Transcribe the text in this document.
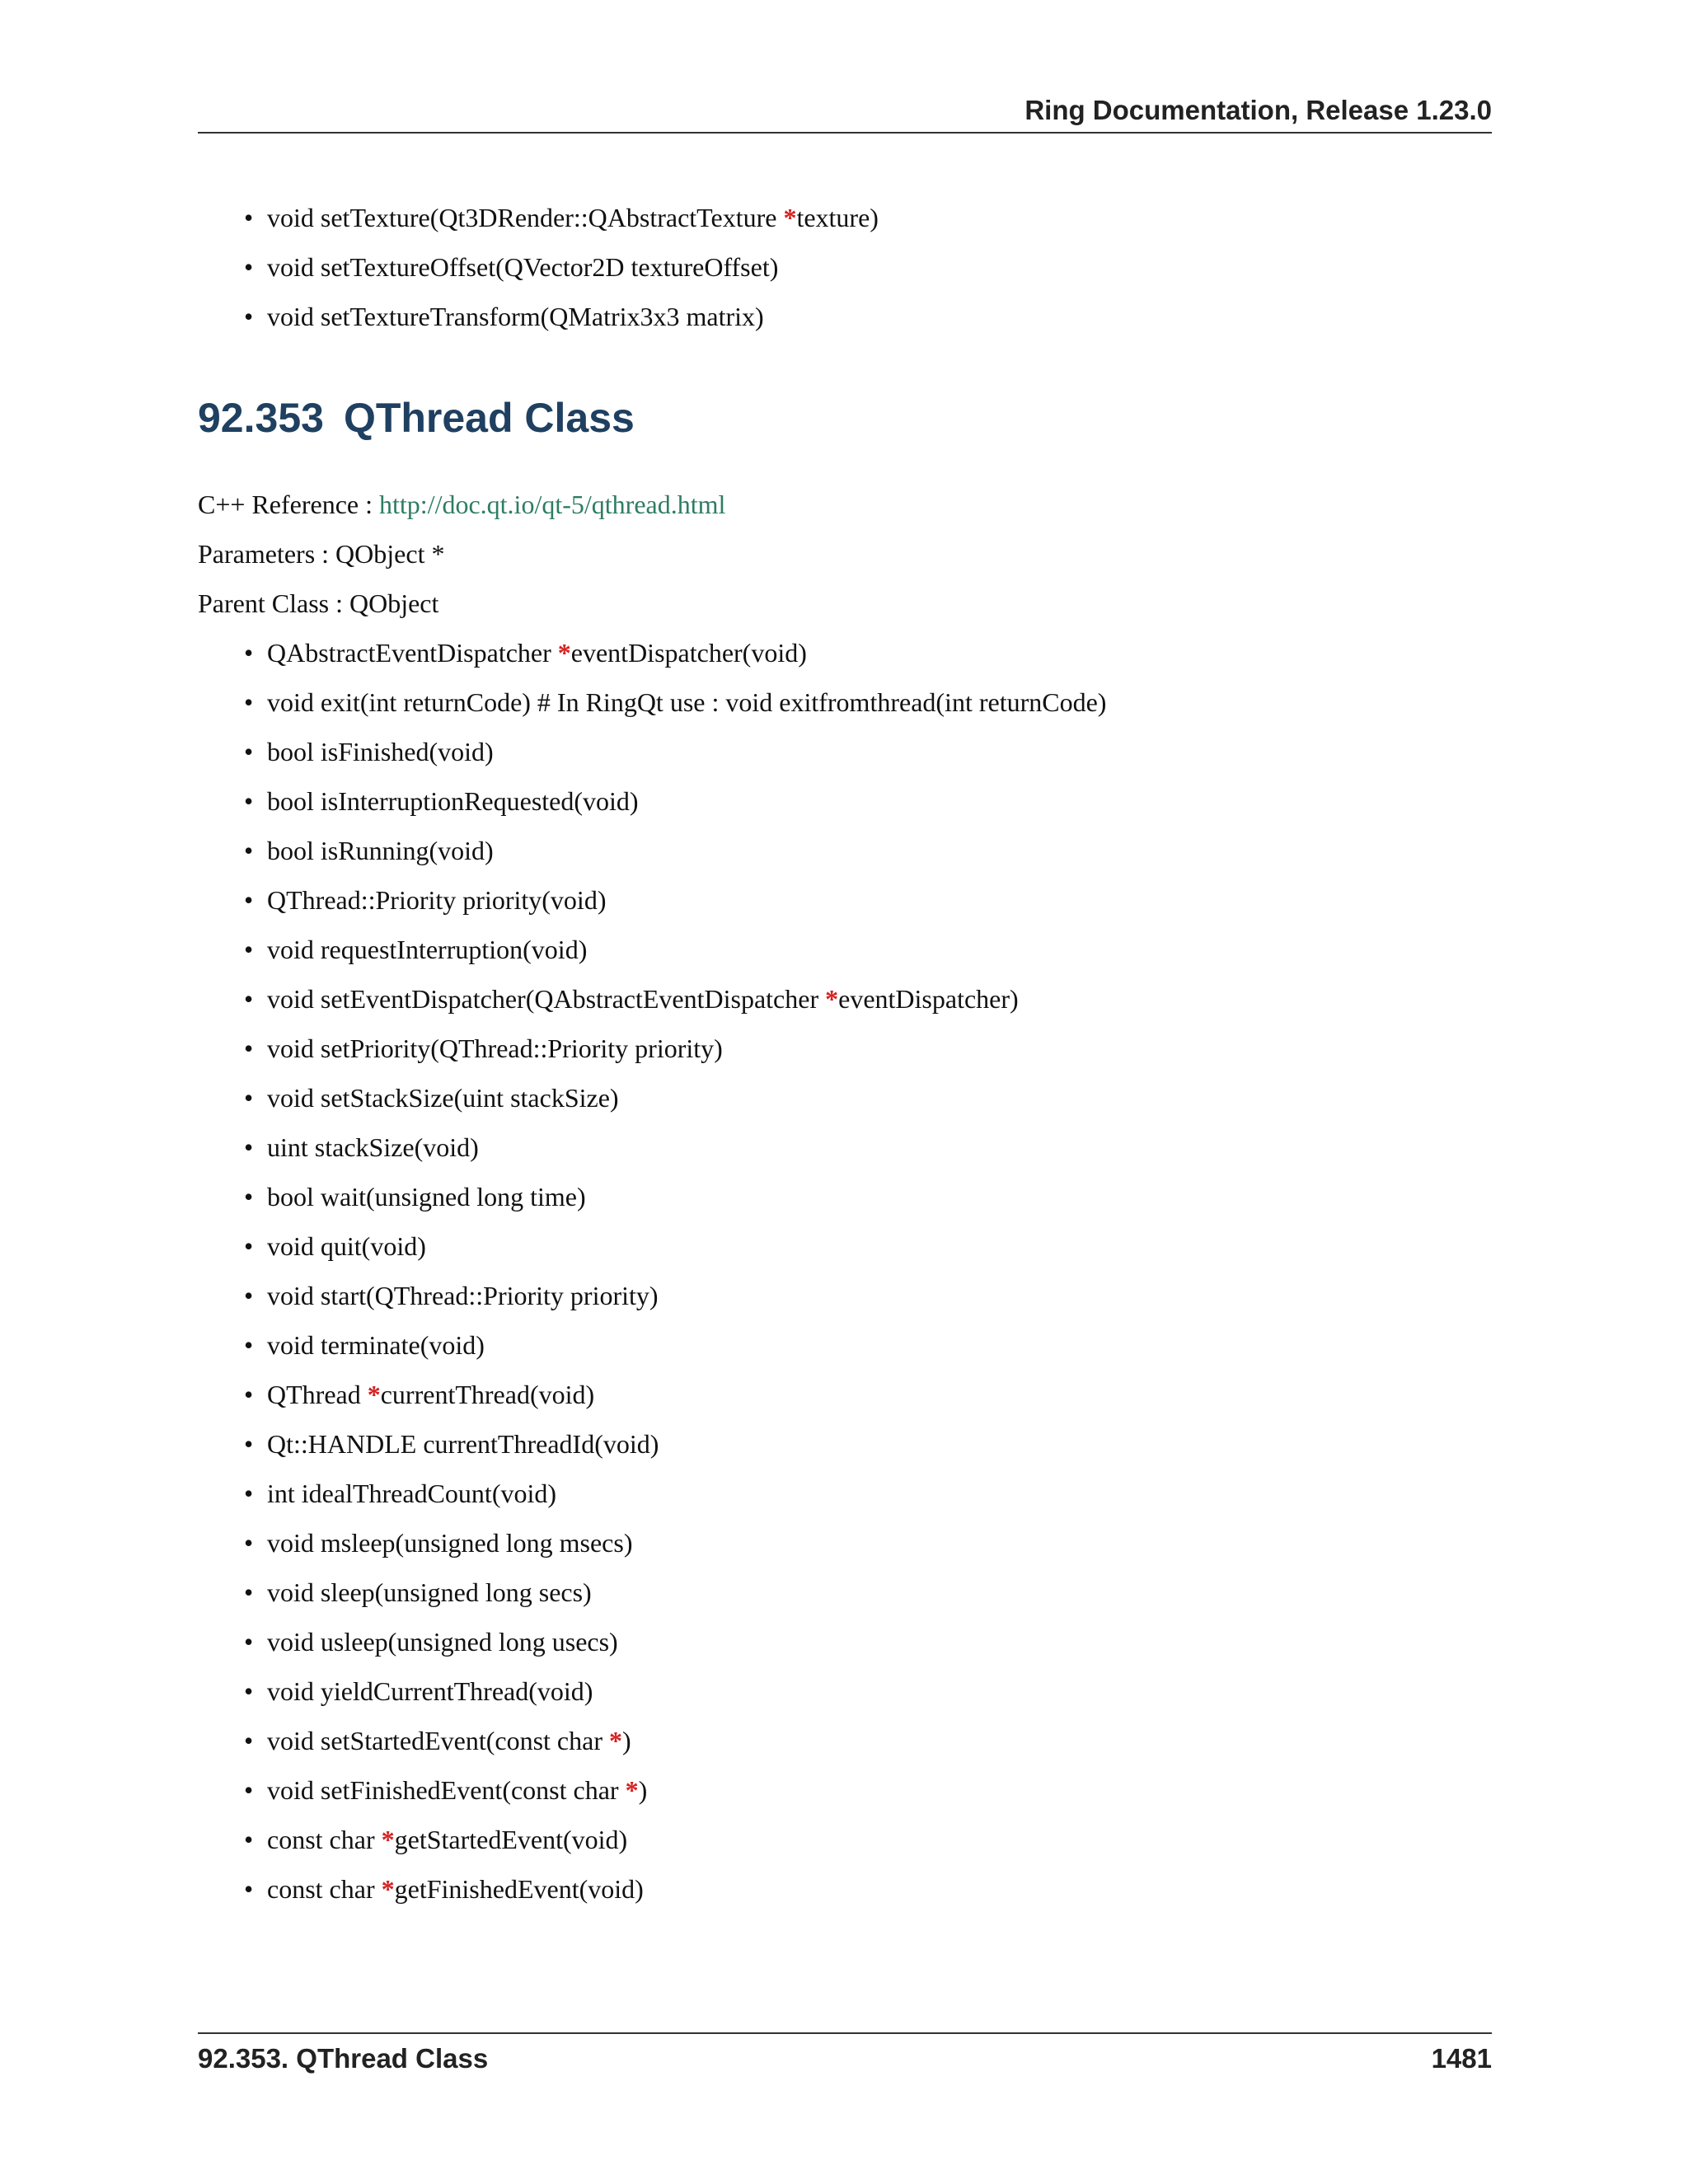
Ring Documentation, Release 1.23.0
• void setTexture(Qt3DRender::QAbstractTexture *texture)
• void setTextureOffset(QVector2D textureOffset)
• void setTextureTransform(QMatrix3x3 matrix)
92.353 QThread Class
C++ Reference : http://doc.qt.io/qt-5/qthread.html
Parameters : QObject *
Parent Class : QObject
• QAbstractEventDispatcher *eventDispatcher(void)
• void exit(int returnCode) # In RingQt use : void exitfromthread(int returnCode)
• bool isFinished(void)
• bool isInterruptionRequested(void)
• bool isRunning(void)
• QThread::Priority priority(void)
• void requestInterruption(void)
• void setEventDispatcher(QAbstractEventDispatcher *eventDispatcher)
• void setPriority(QThread::Priority priority)
• void setStackSize(uint stackSize)
• uint stackSize(void)
• bool wait(unsigned long time)
• void quit(void)
• void start(QThread::Priority priority)
• void terminate(void)
• QThread *currentThread(void)
• Qt::HANDLE currentThreadId(void)
• int idealThreadCount(void)
• void msleep(unsigned long msecs)
• void sleep(unsigned long secs)
• void usleep(unsigned long usecs)
• void yieldCurrentThread(void)
• void setStartedEvent(const char *)
• void setFinishedEvent(const char *)
• const char *getStartedEvent(void)
• const char *getFinishedEvent(void)
92.353. QThread Class	1481
